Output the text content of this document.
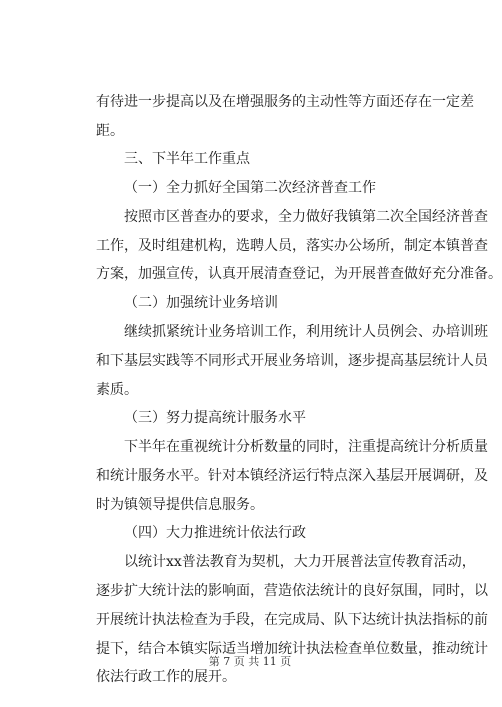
有待进一步提高以及在增强服务的主动性等方面还存在一定差
距。
三、下半年工作重点
（一）全力抓好全国第二次经济普查工作
按照市区普查办的要求，全力做好我镇第二次全国经济普查
工作，及时组建机构，选聘人员，落实办公场所，制定本镇普查
方案，加强宣传，认真开展清查登记，为开展普查做好充分准备。
（二）加强统计业务培训
继续抓紧统计业务培训工作，利用统计人员例会、办培训班
和下基层实践等不同形式开展业务培训，逐步提高基层统计人员
素质。
（三）努力提高统计服务水平
下半年在重视统计分析数量的同时，注重提高统计分析质量
和统计服务水平。针对本镇经济运行特点深入基层开展调研，及
时为镇领导提供信息服务。
（四）大力推进统计依法行政
以统计xx普法教育为契机，大力开展普法宣传教育活动，
逐步扩大统计法的影响面，营造依法统计的良好氛围，同时，以
开展统计执法检查为手段，在完成局、队下达统计执法指标的前
提下，结合本镇实际适当增加统计执法检查单位数量，推动统计
依法行政工作的展开。
第 7 页 共 11 页
